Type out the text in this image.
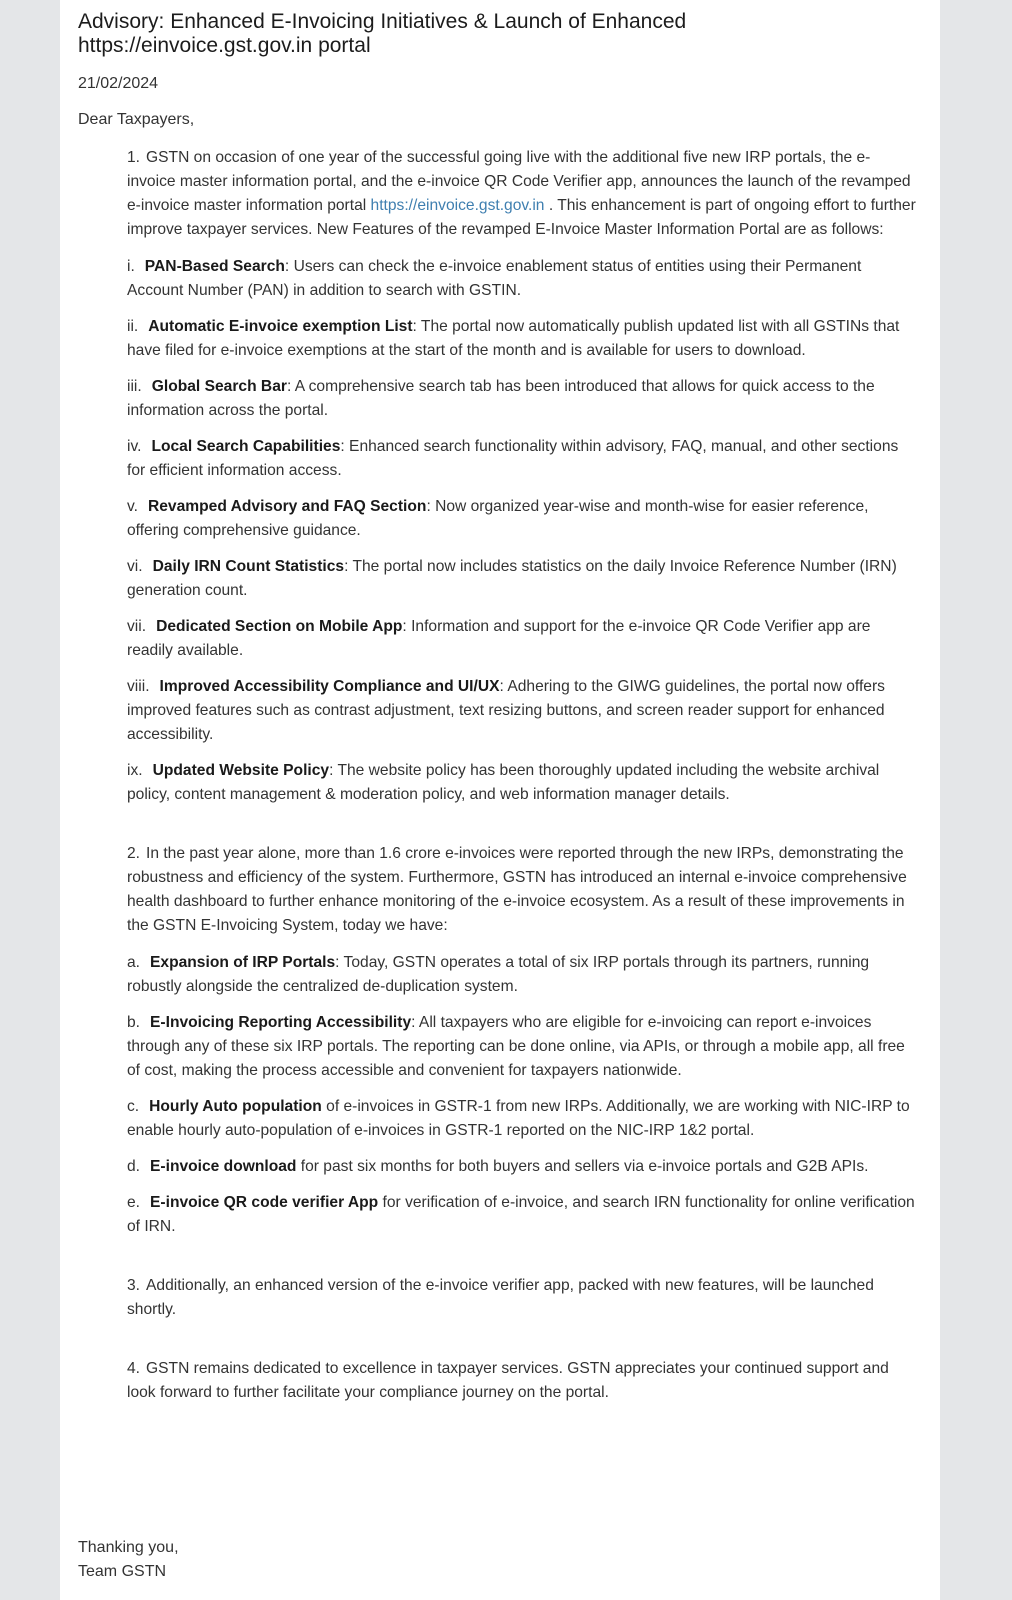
Advisory: Enhanced E-Invoicing Initiatives & Launch of Enhanced https://einvoice.gst.gov.in portal
21/02/2024
Dear Taxpayers,

1. GSTN on occasion of one year of the successful going live with the additional five new IRP portals, the e-invoice master information portal, and the e-invoice QR Code Verifier app, announces the launch of the revamped e-invoice master information portal https://einvoice.gst.gov.in . This enhancement is part of ongoing effort to further improve taxpayer services. New Features of the revamped E-Invoice Master Information Portal are as follows:

i. PAN-Based Search: Users can check the e-invoice enablement status of entities using their Permanent Account Number (PAN) in addition to search with GSTIN.

ii. Automatic E-invoice exemption List: The portal now automatically publish updated list with all GSTINs that have filed for e-invoice exemptions at the start of the month and is available for users to download.

iii. Global Search Bar: A comprehensive search tab has been introduced that allows for quick access to the information across the portal.

iv. Local Search Capabilities: Enhanced search functionality within advisory, FAQ, manual, and other sections for efficient information access.

v. Revamped Advisory and FAQ Section: Now organized year-wise and month-wise for easier reference, offering comprehensive guidance.

vi. Daily IRN Count Statistics: The portal now includes statistics on the daily Invoice Reference Number (IRN) generation count.

vii. Dedicated Section on Mobile App: Information and support for the e-invoice QR Code Verifier app are readily available.

viii. Improved Accessibility Compliance and UI/UX: Adhering to the GIWG guidelines, the portal now offers improved features such as contrast adjustment, text resizing buttons, and screen reader support for enhanced accessibility.

ix. Updated Website Policy: The website policy has been thoroughly updated including the website archival policy, content management & moderation policy, and web information manager details.

2. In the past year alone, more than 1.6 crore e-invoices were reported through the new IRPs, demonstrating the robustness and efficiency of the system. Furthermore, GSTN has introduced an internal e-invoice comprehensive health dashboard to further enhance monitoring of the e-invoice ecosystem. As a result of these improvements in the GSTN E-Invoicing System, today we have:

a. Expansion of IRP Portals: Today, GSTN operates a total of six IRP portals through its partners, running robustly alongside the centralized de-duplication system.

b. E-Invoicing Reporting Accessibility: All taxpayers who are eligible for e-invoicing can report e-invoices through any of these six IRP portals. The reporting can be done online, via APIs, or through a mobile app, all free of cost, making the process accessible and convenient for taxpayers nationwide.

c. Hourly Auto population of e-invoices in GSTR-1 from new IRPs. Additionally, we are working with NIC-IRP to enable hourly auto-population of e-invoices in GSTR-1 reported on the NIC-IRP 1&2 portal.

d. E-invoice download for past six months for both buyers and sellers via e-invoice portals and G2B APIs.

e. E-invoice QR code verifier App for verification of e-invoice, and search IRN functionality for online verification of IRN.

3. Additionally, an enhanced version of the e-invoice verifier app, packed with new features, will be launched shortly.

4. GSTN remains dedicated to excellence in taxpayer services. GSTN appreciates your continued support and look forward to further facilitate your compliance journey on the portal.

Thanking you,
Team GSTN
